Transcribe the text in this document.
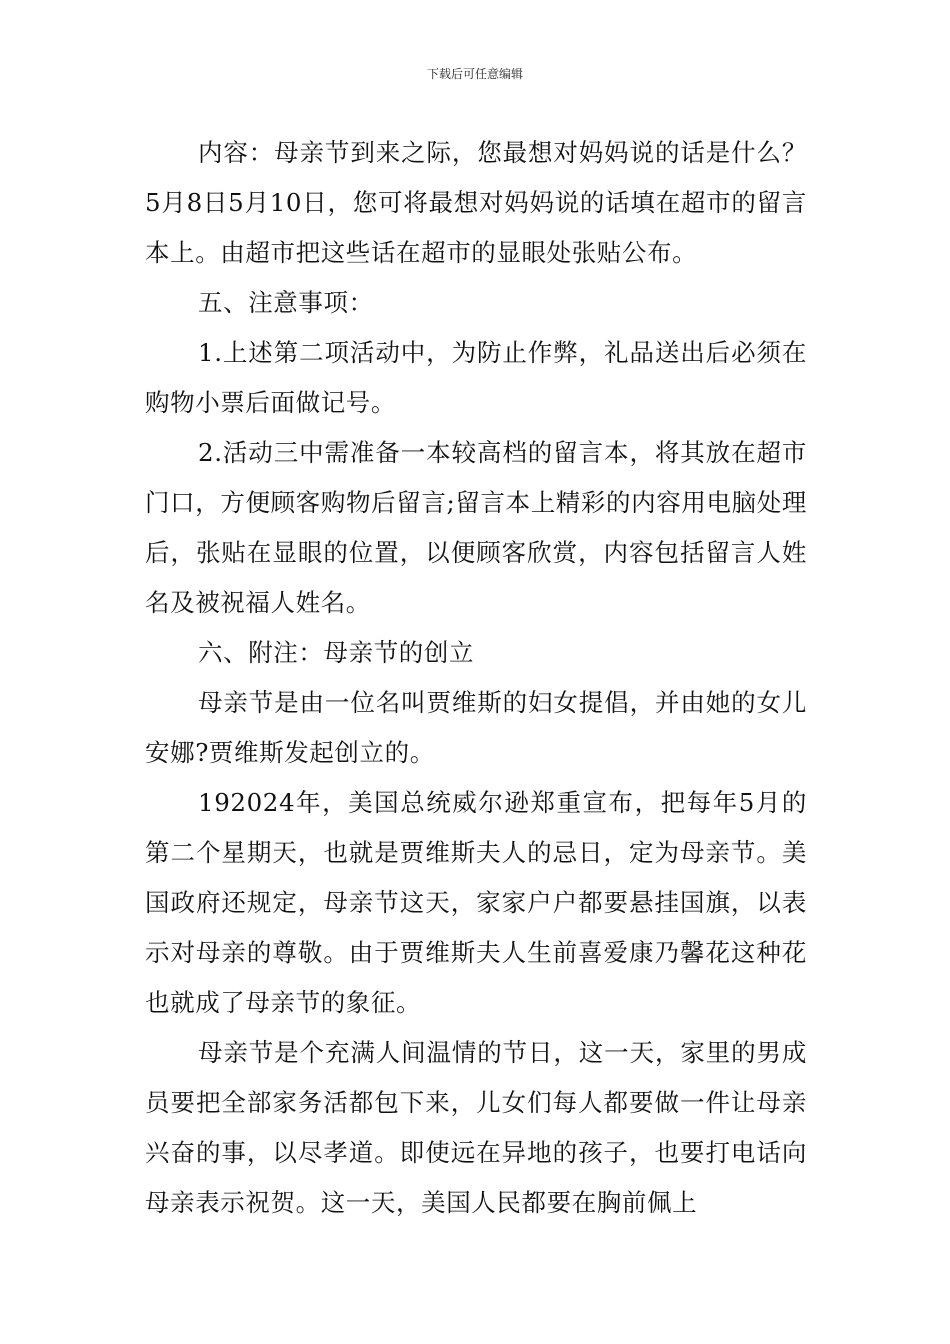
下载后可任意编辑

内容：母亲节到来之际，您最想对妈妈说的话是什么？5月8日5月10日，您可将最想对妈妈说的话填在超市的留言本上。由超市把这些话在超市的显眼处张贴公布。

五、注意事项：

1.上述第二项活动中，为防止作弊，礼品送出后必须在购物小票后面做记号。

2.活动三中需准备一本较高档的留言本，将其放在超市门口，方便顾客购物后留言;留言本上精彩的内容用电脑处理后，张贴在显眼的位置，以便顾客欣赏，内容包括留言人姓名及被祝福人姓名。

六、附注：母亲节的创立

母亲节是由一位名叫贾维斯的妇女提倡，并由她的女儿安娜?贾维斯发起创立的。

192024年，美国总统威尔逊郑重宣布，把每年5月的第二个星期天，也就是贾维斯夫人的忌日，定为母亲节。美国政府还规定，母亲节这天，家家户户都要悬挂国旗，以表示对母亲的尊敬。由于贾维斯夫人生前喜爱康乃馨花这种花也就成了母亲节的象征。

母亲节是个充满人间温情的节日，这一天，家里的男成员要把全部家务活都包下来，儿女们每人都要做一件让母亲兴奋的事，以尽孝道。即使远在异地的孩子，也要打电话向母亲表示祝贺。这一天，美国人民都要在胸前佩上
